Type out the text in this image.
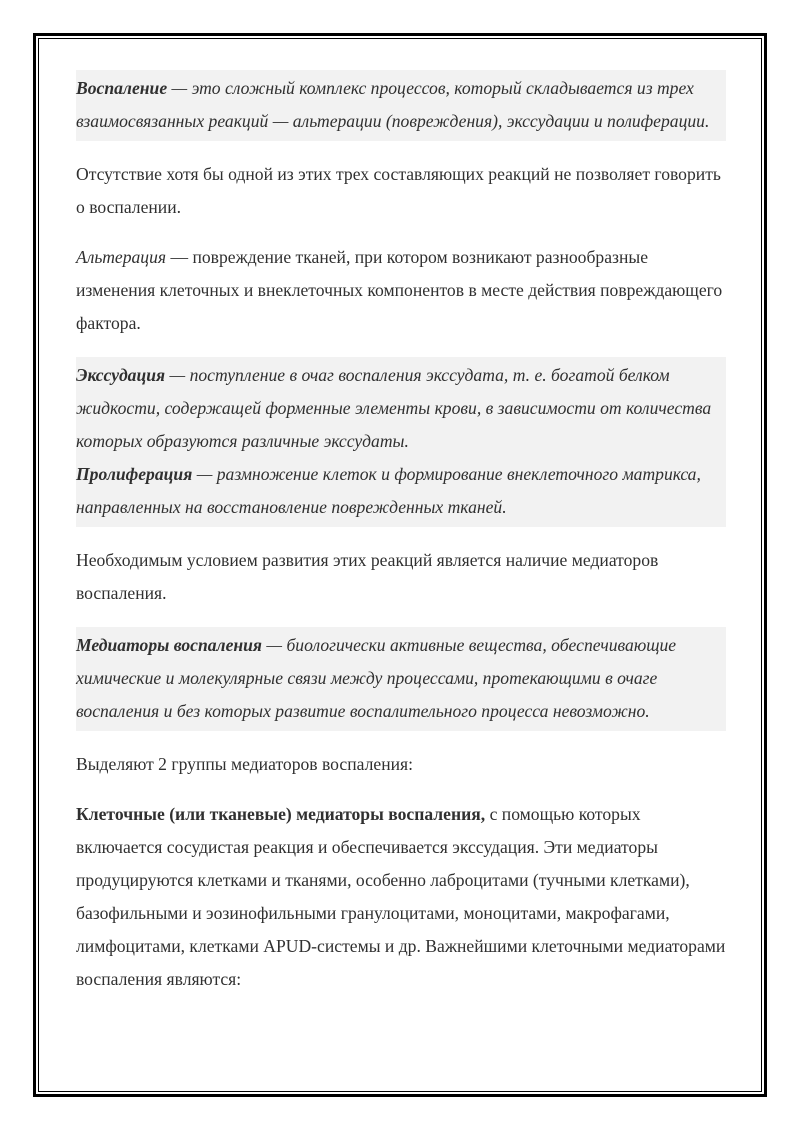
Воспаление — это сложный комплекс процессов, который складывается из трех взаимосвязанных реакций — альтерации (повреждения), экссудации и полиферации.

Отсутствие хотя бы одной из этих трех составляющих реакций не позволяет говорить о воспалении.

Альтерация — повреждение тканей, при котором возникают разнообразные изменения клеточных и внеклеточных компонентов в месте действия повреждающего фактора.

Экссудация — поступление в очаг воспаления экссудата, т. е. богатой белком жидкости, содержащей форменные элементы крови, в зависимости от количества которых образуются различные экссудаты.

Пролиферация — размножение клеток и формирование внеклеточного матрикса, направленных на восстановление поврежденных тканей.

Необходимым условием развития этих реакций является наличие медиаторов воспаления.

Медиаторы воспаления — биологически активные вещества, обеспечивающие химические и молекулярные связи между процессами, протекающими в очаге воспаления и без которых развитие воспалительного процесса невозможно.

Выделяют 2 группы медиаторов воспаления:

Клеточные (или тканевые) медиаторы воспаления, с помощью которых включается сосудистая реакция и обеспечивается экссудация. Эти медиаторы продуцируются клетками и тканями, особенно лаброцитами (тучными клетками), базофильными и эозинофильными гранулоцитами, моноцитами, макрофагами, лимфоцитами, клетками APUD-системы и др. Важнейшими клеточными медиаторами воспаления являются:
